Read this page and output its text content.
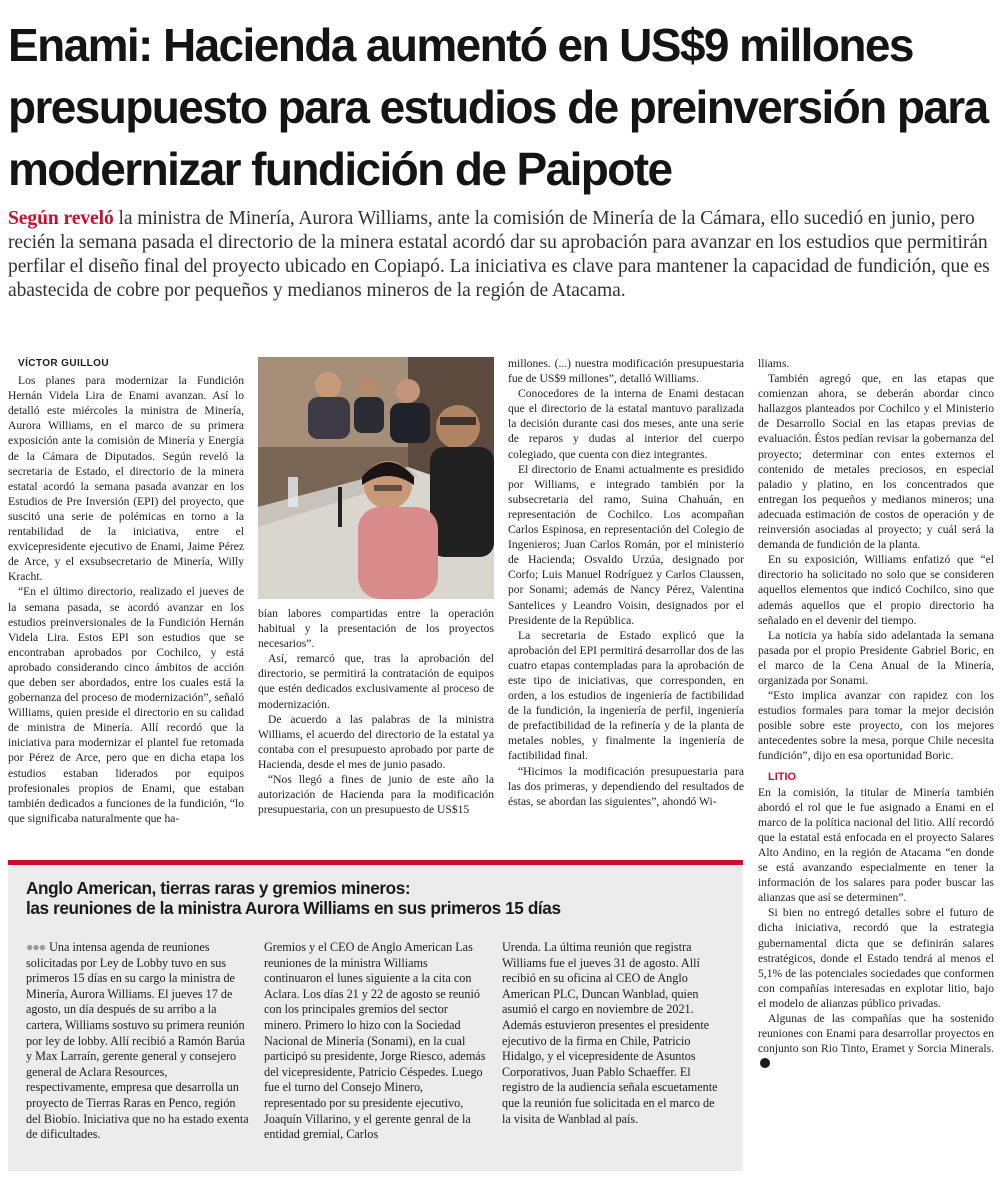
Enami: Hacienda aumentó en US$9 millones presupuesto para estudios de preinversión para modernizar fundición de Paipote
Según reveló la ministra de Minería, Aurora Williams, ante la comisión de Minería de la Cámara, ello sucedió en junio, pero recién la semana pasada el directorio de la minera estatal acordó dar su aprobación para avanzar en los estudios que permitirán perfilar el diseño final del proyecto ubicado en Copiapó. La iniciativa es clave para mantener la capacidad de fundición, que es abastecida de cobre por pequeños y medianos mineros de la región de Atacama.

VÍCTOR GUILLOU

Los planes para modernizar la Fundición Hernán Videla Lira de Enami avanzan. Así lo detalló este miércoles la ministra de Minería, Aurora Williams, en el marco de su primera exposición ante la comisión de Minería y Energía de la Cámara de Diputados. Según reveló la secretaria de Estado, el directorio de la minera estatal acordó la semana pasada avanzar en los Estudios de Pre Inversión (EPI) del proyecto, que suscitó una serie de polémicas en torno a la rentabilidad de la iniciativa, entre el exvicepresidente ejecutivo de Enami, Jaime Pérez de Arce, y el exsubsecretario de Minería, Willy Kracht.

“En el último directorio, realizado el jueves de la semana pasada, se acordó avanzar en los estudios preinversionales de la Fundición Hernán Videla Lira. Estos EPI son estudios que se encontraban aprobados por Cochilco, y está aprobado considerando cinco ámbitos de acción que deben ser abordados, entre los cuales está la gobernanza del proceso de modernización”, señaló Williams, quien preside el directorio en su calidad de ministra de Minería. Allí recordó que la iniciativa para modernizar el plantel fue retomada por Pérez de Arce, pero que en dicha etapa los estudios estaban liderados por equipos profesionales propios de Enami, que estaban también dedicados a funciones de la fundición, “lo que significaba naturalmente que ha-

bían labores compartidas entre la operación habitual y la presentación de los proyectos necesarios”.

Así, remarcó que, tras la aprobación del directorio, se permitirá la contratación de equipos que estén dedicados exclusivamente al proceso de modernización.

De acuerdo a las palabras de la ministra Williams, el acuerdo del directorio de la estatal ya contaba con el presupuesto aprobado por parte de Hacienda, desde el mes de junio pasado.

“Nos llegó a fines de junio de este año la autorización de Hacienda para la modificación presupuestaria, con un presupuesto de US$15

millones. (...) nuestra modificación presupuestaria fue de US$9 millones”, detalló Williams.

Conocedores de la interna de Enami destacan que el directorio de la estatal mantuvo paralizada la decisión durante casi dos meses, ante una serie de reparos y dudas al interior del cuerpo colegiado, que cuenta con diez integrantes.

El directorio de Enami actualmente es presidido por Williams, e integrado también por la subsecretaria del ramo, Suina Chahuán, en representación de Cochilco. Los acompañan Carlos Espinosa, en representación del Colegio de Ingenieros; Juan Carlos Román, por el ministerio de Hacienda; Osvaldo Urzúa, designado por Corfo; Luis Manuel Rodríguez y Carlos Claussen, por Sonami; además de Nancy Pérez, Valentina Santelices y Leandro Voisin, designados por el Presidente de la República.

La secretaria de Estado explicó que la aprobación del EPI permitirá desarrollar dos de las cuatro etapas contempladas para la aprobación de este tipo de iniciativas, que corresponden, en orden, a los estudios de ingeniería de factibilidad de la fundición, la ingeniería de perfil, ingeniería de prefactibilidad de la refinería y de la planta de metales nobles, y finalmente la ingeniería de factibilidad final.

“Hicimos la modificación presupuestaria para las dos primeras, y dependiendo del resultados de éstas, se abordan las siguientes”, ahondó Wi-

lliams.

También agregó que, en las etapas que comienzan ahora, se deberán abordar cinco hallazgos planteados por Cochilco y el Ministerio de Desarrollo Social en las etapas previas de evaluación. Éstos pedían revisar la gobernanza del proyecto; determinar con entes externos el contenido de metales preciosos, en especial paladio y platino, en los concentrados que entregan los pequeños y medianos mineros; una adecuada estimación de costos de operación y de reinversión asociadas al proyecto; y cuál será la demanda de fundición de la planta.

En su exposición, Williams enfatizó que “el directorio ha solicitado no solo que se consideren aquellos elementos que indicó Cochilco, sino que además aquellos que el propio directorio ha señalado en el devenir del tiempo.

La noticia ya había sido adelantada la semana pasada por el propio Presidente Gabriel Boric, en el marco de la Cena Anual de la Minería, organizada por Sonami.

“Esto implica avanzar con rapidez con los estudios formales para tomar la mejor decisión posible sobre este proyecto, con los mejores antecedentes sobre la mesa, porque Chile necesita fundición”, dijo en esa oportunidad Boric.

LITIO

En la comisión, la titular de Minería también abordó el rol que le fue asignado a Enami en el marco de la política nacional del litio. Allí recordó que la estatal está enfocada en el proyecto Salares Alto Andino, en la región de Atacama “en donde se está avanzando especialmente en tener la información de los salares para poder buscar las alianzas que así se determinen”.

Si bien no entregó detalles sobre el futuro de dicha iniciativa, recordó que la estrategia gubernamental dicta que se definirán salares estratégicos, donde el Estado tendrá al menos el 5,1% de las potenciales sociedades que conformen con compañías interesadas en explotar litio, bajo el modelo de alianzas público privadas.

Algunas de las compañías que ha sostenido reuniones con Enami para desarrollar proyectos en conjunto son Rio Tinto, Eramet y Sorcia Minerals.

Anglo American, tierras raras y gremios mineros:
las reuniones de la ministra Aurora Williams en sus primeros 15 días
●●● Una intensa agenda de reuniones solicitadas por Ley de Lobby tuvo en sus primeros 15 días en su cargo la ministra de Minería, Aurora Williams. El jueves 17 de agosto, un día después de su arribo a la cartera, Williams sostuvo su primera reunión por ley de lobby. Allí recibió a Ramón Barúa y Max Larraín, gerente general y consejero general de Aclara Resources, respectivamente, empresa que desarrolla un proyecto de Tierras Raras en Penco, región del Biobío. Iniciativa que no ha estado exenta de dificultades.
Gremios y el CEO de Anglo American Las reuniones de la ministra Williams continuaron el lunes siguiente a la cita con Aclara. Los días 21 y 22 de agosto se reunió con los principales gremios del sector minero. Primero lo hizo con la Sociedad Nacional de Minería (Sonami), en la cual participó su presidente, Jorge Riesco, además del vicepresidente, Patricio Céspedes. Luego fue el turno del Consejo Minero, representado por su presidente ejecutivo, Joaquín Villarino, y el gerente genral de la entidad gremial, Carlos
Urenda. La última reunión que registra Williams fue el jueves 31 de agosto. Allí recibió en su oficina al CEO de Anglo American PLC, Duncan Wanblad, quien asumió el cargo en noviembre de 2021. Además estuvieron presentes el presidente ejecutivo de la firma en Chile, Patricio Hidalgo, y el vicepresidente de Asuntos Corporativos, Juan Pablo Schaeffer. El registro de la audiencia señala escuetamente que la reunión fue solicitada en el marco de la visita de Wanblad al país.
